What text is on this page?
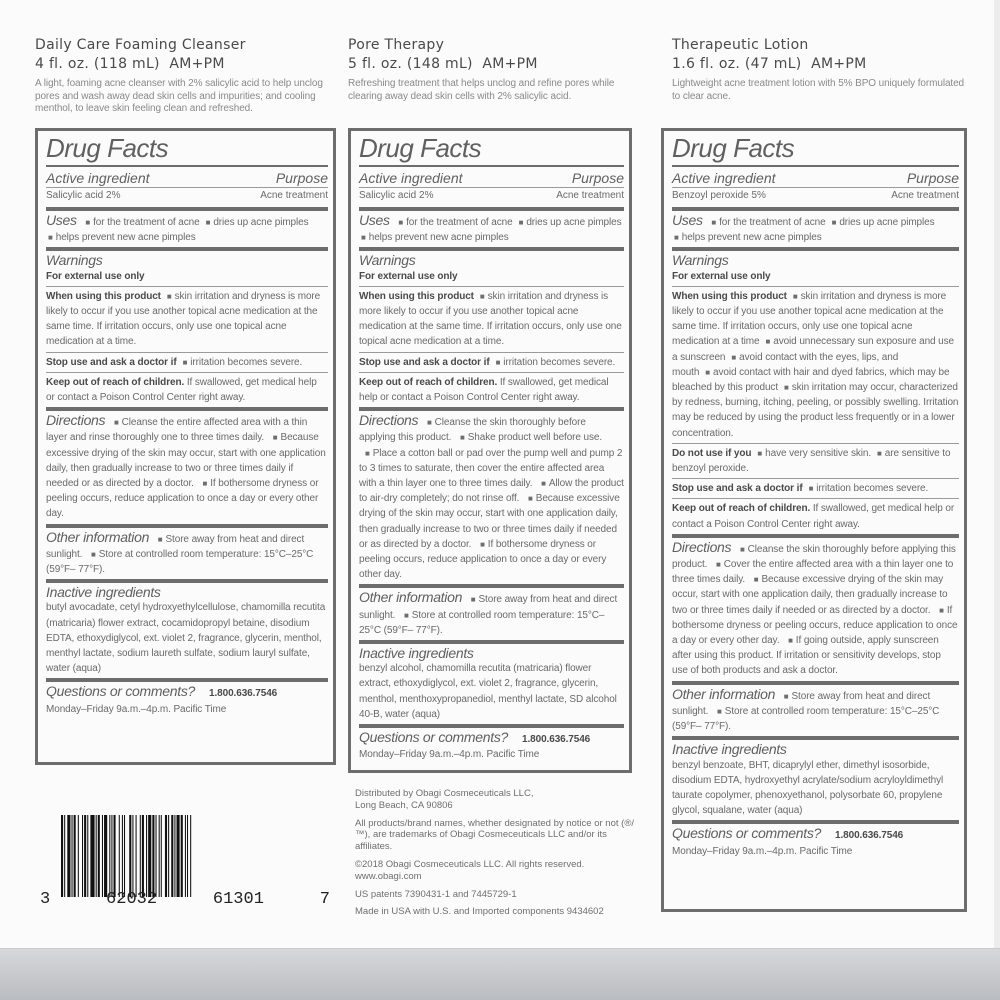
Daily Care Foaming Cleanser
4 fl. oz. (118 mL) AM+PM
A light, foaming acne cleanser with 2% salicylic acid to help unclog pores and wash away dead skin cells and impurities; and cooling menthol, to leave skin feeling clean and refreshed.
Pore Therapy
5 fl. oz. (148 mL) AM+PM
Refreshing treatment that helps unclog and refine pores while clearing away dead skin cells with 2% salicylic acid.
Therapeutic Lotion
1.6 fl. oz. (47 mL) AM+PM
Lightweight acne treatment lotion with 5% BPO uniquely formulated to clear acne.
Drug Facts
Active ingredient	Purpose
Salicylic acid 2%	Acne treatment
Uses ■ for the treatment of acne ■ dries up acne pimples
■ helps prevent new acne pimples
Warnings
For external use only
When using this product ■ skin irritation and dryness is more likely to occur if you use another topical acne medication at the same time. If irritation occurs, only use one topical acne medication at a time.
Stop use and ask a doctor if ■ irritation becomes severe.
Keep out of reach of children. If swallowed, get medical help or contact a Poison Control Center right away.
Directions ■ Cleanse the entire affected area with a thin layer and rinse thoroughly one to three times daily. ■ Because excessive drying of the skin may occur, start with one application daily, then gradually increase to two or three times daily if needed or as directed by a doctor. ■ If bothersome dryness or peeling occurs, reduce application to once a day or every other day.
Other information ■ Store away from heat and direct sunlight. ■ Store at controlled room temperature: 15°C–25°C (59°F– 77°F).
Inactive ingredients
butyl avocadate, cetyl hydroxyethylcellulose, chamomilla recutita (matricaria) flower extract, cocamidopropyl betaine, disodium EDTA, ethoxydiglycol, ext. violet 2, fragrance, glycerin, menthol, menthyl lactate, sodium laureth sulfate, sodium lauryl sulfate, water (aqua)
Questions or comments? 1.800.636.7546
Monday–Friday 9a.m.–4p.m. Pacific Time
Drug Facts
Active ingredient	Purpose
Salicylic acid 2%	Acne treatment
Uses ■ for the treatment of acne ■ dries up acne pimples
■ helps prevent new acne pimples
Warnings
For external use only
When using this product ■ skin irritation and dryness is more likely to occur if you use another topical acne medication at the same time. If irritation occurs, only use one topical acne medication at a time.
Stop use and ask a doctor if ■ irritation becomes severe.
Keep out of reach of children. If swallowed, get medical help or contact a Poison Control Center right away.
Directions ■ Cleanse the skin thoroughly before applying this product. ■ Shake product well before use. ■ Place a cotton ball or pad over the pump well and pump 2 to 3 times to saturate, then cover the entire affected area with a thin layer one to three times daily. ■ Allow the product to air-dry completely; do not rinse off. ■ Because excessive drying of the skin may occur, start with one application daily, then gradually increase to two or three times daily if needed or as directed by a doctor. ■ If bothersome dryness or peeling occurs, reduce application to once a day or every other day.
Other information ■ Store away from heat and direct sunlight. ■ Store at controlled room temperature: 15°C–25°C (59°F– 77°F).
Inactive ingredients
benzyl alcohol, chamomilla recutita (matricaria) flower extract, ethoxydiglycol, ext. violet 2, fragrance, glycerin, menthol, menthoxypropanediol, menthyl lactate, SD alcohol 40-B, water (aqua)
Questions or comments? 1.800.636.7546
Monday–Friday 9a.m.–4p.m. Pacific Time
Drug Facts
Active ingredient	Purpose
Benzoyl peroxide 5%	Acne treatment
Uses ■ for the treatment of acne ■ dries up acne pimples
■ helps prevent new acne pimples
Warnings
For external use only
When using this product ■ skin irritation and dryness is more likely to occur if you use another topical acne medication at the same time. If irritation occurs, only use one topical acne medication at a time ■ avoid unnecessary sun exposure and use a sunscreen ■ avoid contact with the eyes, lips, and mouth ■ avoid contact with hair and dyed fabrics, which may be bleached by this product ■ skin irritation may occur, characterized by redness, burning, itching, peeling, or possibly swelling. Irritation may be reduced by using the product less frequently or in a lower concentration.
Do not use if you ■ have very sensitive skin. ■ are sensitive to benzoyl peroxide.
Stop use and ask a doctor if ■ irritation becomes severe.
Keep out of reach of children. If swallowed, get medical help or contact a Poison Control Center right away.
Directions ■ Cleanse the skin thoroughly before applying this product. ■ Cover the entire affected area with a thin layer one to three times daily. ■ Because excessive drying of the skin may occur, start with one application daily, then gradually increase to two or three times daily if needed or as directed by a doctor. ■ If bothersome dryness or peeling occurs, reduce application to once a day or every other day. ■ If going outside, apply sunscreen after using this product. If irritation or sensitivity develops, stop use of both products and ask a doctor.
Other information ■ Store away from heat and direct sunlight. ■ Store at controlled room temperature: 15°C–25°C (59°F– 77°F).
Inactive ingredients
benzyl benzoate, BHT, dicaprylyl ether, dimethyl isosorbide, disodium EDTA, hydroxyethyl acrylate/sodium acryloyldimethyl taurate copolymer, phenoxyethanol, polysorbate 60, propylene glycol, squalane, water (aqua)
Questions or comments? 1.800.636.7546
Monday–Friday 9a.m.–4p.m. Pacific Time

Distributed by Obagi Cosmeceuticals LLC, Long Beach, CA 90806

All products/brand names, whether designated by notice or not (®/™), are trademarks of Obagi Cosmeceuticals LLC and/or its affiliates.

©2018 Obagi Cosmeceuticals LLC. All rights reserved.

www.obagi.com

US patents 7390431-1 and 7445729-1

Made in USA with U.S. and Imported components 9434602

3	62032	61301	7
